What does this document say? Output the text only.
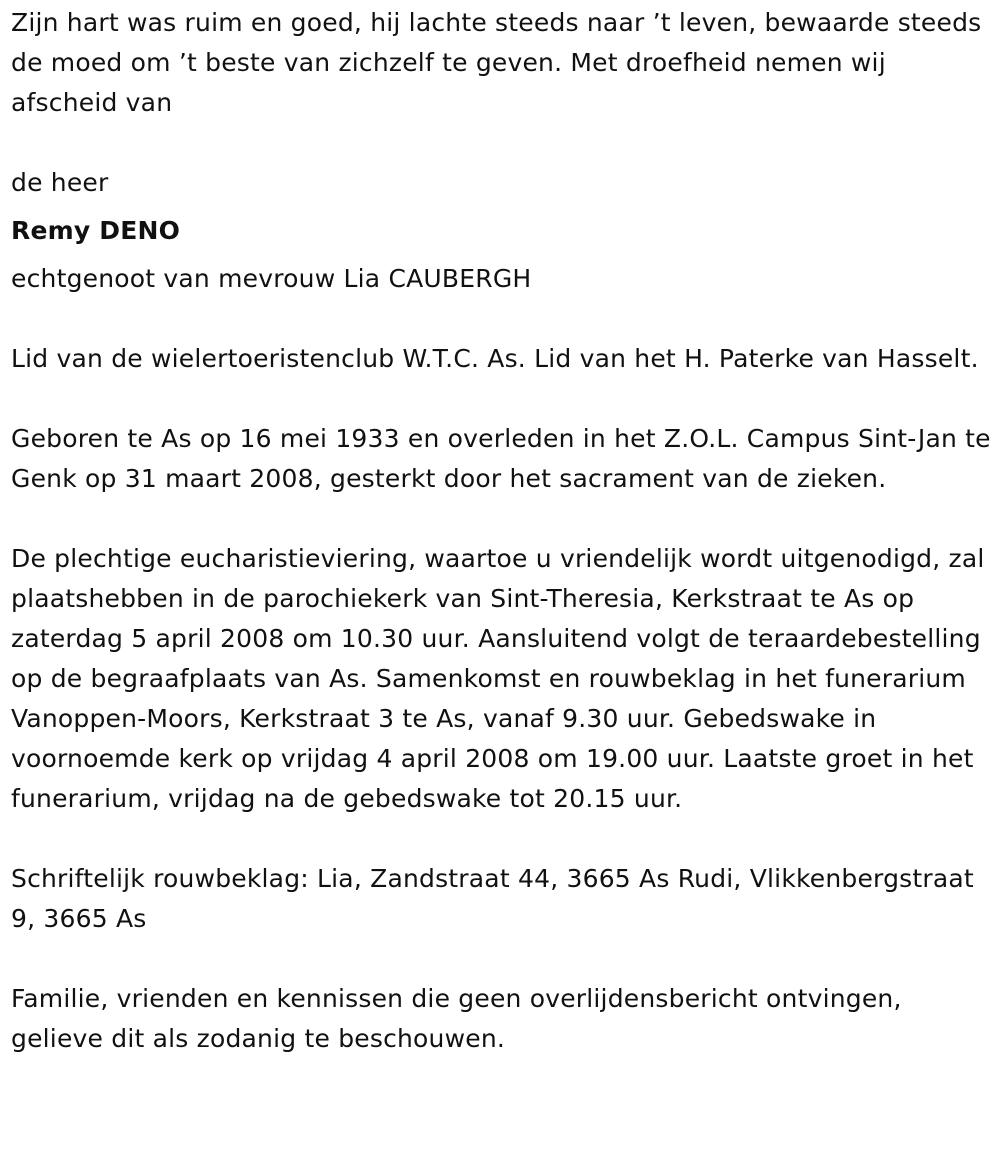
Zijn hart was ruim en goed, hij lachte steeds naar ’t leven, bewaarde steeds de moed om ’t beste van zichzelf te geven. Met droefheid nemen wij afscheid van

de heer

Remy DENO

echtgenoot van mevrouw Lia CAUBERGH

Lid van de wielertoeristenclub W.T.C. As. Lid van het H. Paterke van Hasselt.

Geboren te As op 16 mei 1933 en overleden in het Z.O.L. Campus Sint-Jan te Genk op 31 maart 2008, gesterkt door het sacrament van de zieken.

De plechtige eucharistieviering, waartoe u vriendelijk wordt uitgenodigd, zal plaatshebben in de parochiekerk van Sint-Theresia, Kerkstraat te As op zaterdag 5 april 2008 om 10.30 uur. Aansluitend volgt de teraardebestelling op de begraafplaats van As. Samenkomst en rouwbeklag in het funerarium Vanoppen-Moors, Kerkstraat 3 te As, vanaf 9.30 uur. Gebedswake in voornoemde kerk op vrijdag 4 april 2008 om 19.00 uur. Laatste groet in het funerarium, vrijdag na de gebedswake tot 20.15 uur.

Schriftelijk rouwbeklag: Lia, Zandstraat 44, 3665 As Rudi, Vlikkenbergstraat 9, 3665 As

Familie, vrienden en kennissen die geen overlijdensbericht ontvingen, gelieve dit als zodanig te beschouwen.
